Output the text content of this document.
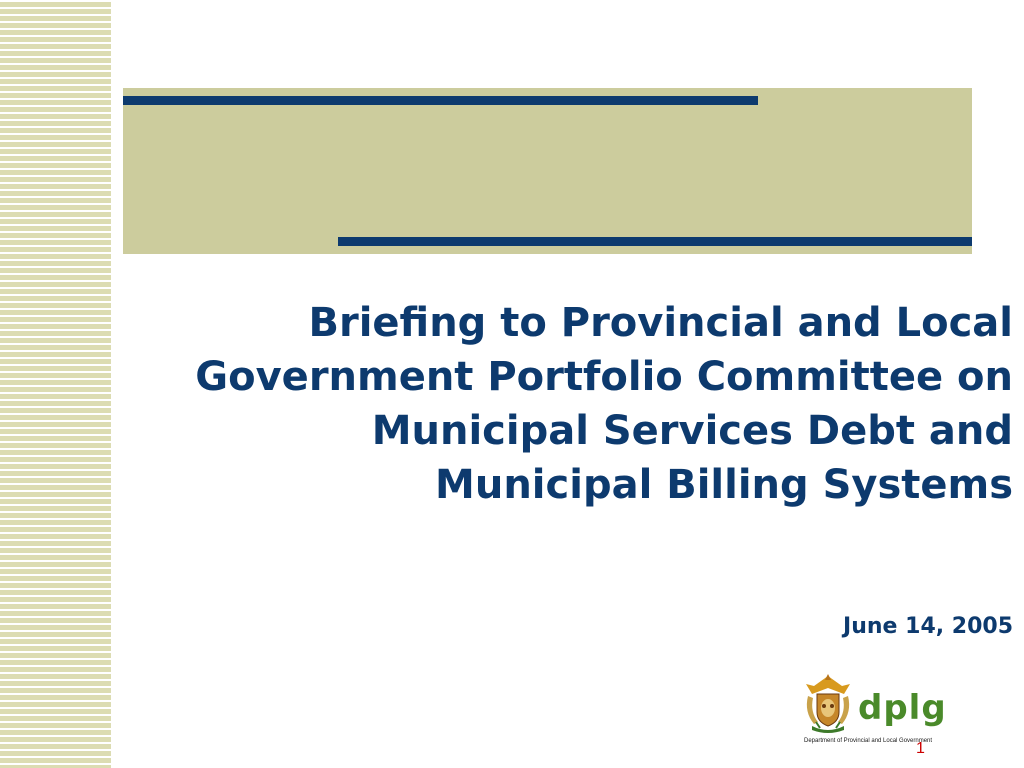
Briefing to Provincial and Local Government Portfolio Committee on Municipal Services Debt and Municipal Billing Systems

June 14, 2005

dplg
Department of Provincial and Local Government
1
